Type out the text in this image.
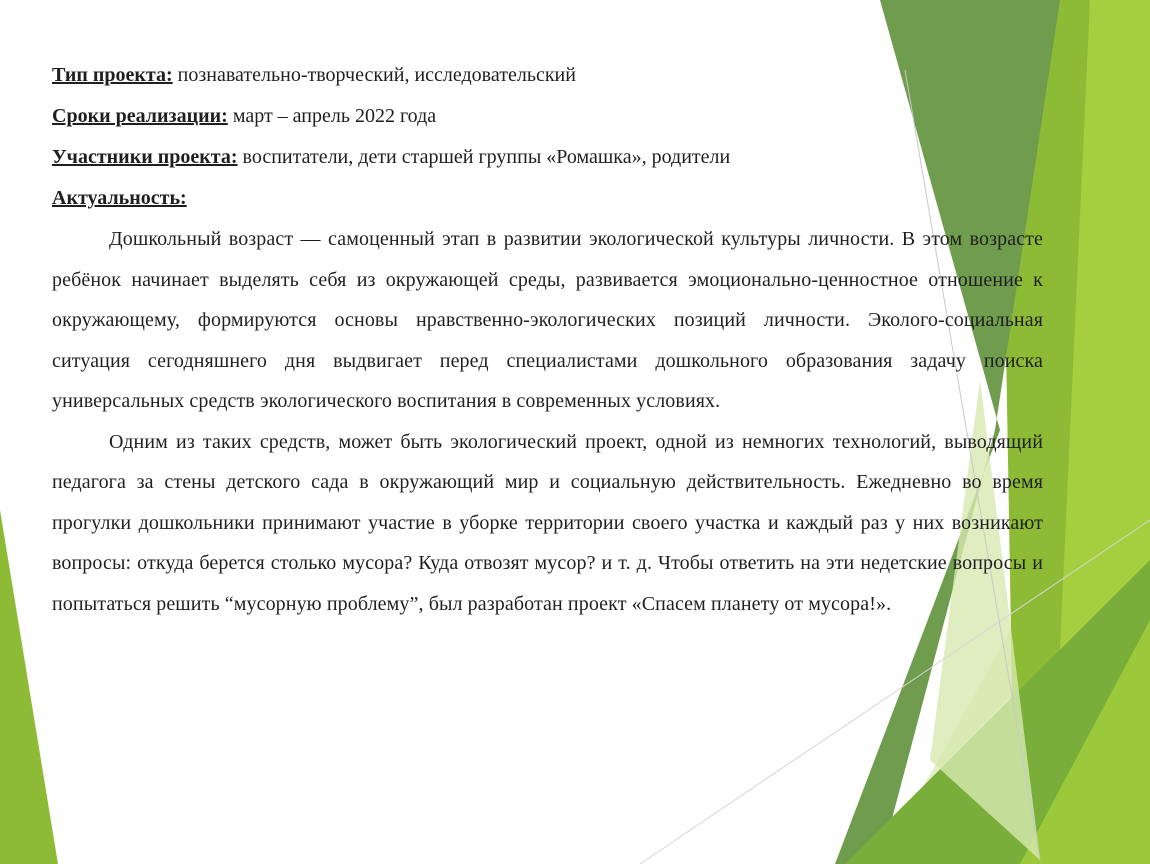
Тип проекта: познавательно-творческий, исследовательский

Сроки реализации: март – апрель 2022 года

Участники проекта: воспитатели, дети старшей группы «Ромашка», родители

Актуальность:

Дошкольный возраст — самоценный этап в развитии экологической культуры личности. В этом возрасте ребёнок начинает выделять себя из окружающей среды, развивается эмоционально-ценностное отношение к окружающему, формируются основы нравственно-экологических позиций личности. Эколого-социальная ситуация сегодняшнего дня выдвигает перед специалистами дошкольного образования задачу поиска универсальных средств экологического воспитания в современных условиях.

Одним из таких средств, может быть экологический проект, одной из немногих технологий, выводящий педагога за стены детского сада в окружающий мир и социальную действительность. Ежедневно во время прогулки дошкольники принимают участие в уборке территории своего участка и каждый раз у них возникают вопросы: откуда берется столько мусора? Куда отвозят мусор? и т. д. Чтобы ответить на эти недетские вопросы и попытаться решить “мусорную проблему”, был разработан проект «Спасем планету от мусора!».
